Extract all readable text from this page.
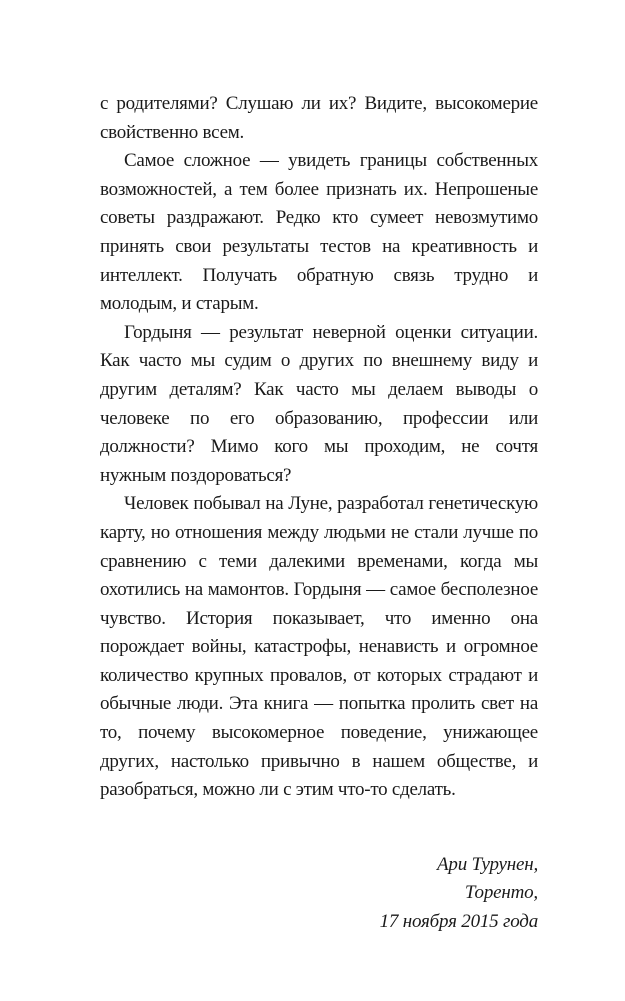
с родителями? Слушаю ли их? Видите, высокомерие свойственно всем.

Самое сложное — увидеть границы собственных возможностей, а тем более признать их. Непрошеные советы раздражают. Редко кто сумеет невозмутимо принять свои результаты тестов на креативность и интеллект. Получать обратную связь трудно и молодым, и старым.

Гордыня — результат неверной оценки ситуации. Как часто мы судим о других по внешнему виду и другим деталям? Как часто мы делаем выводы о человеке по его образованию, профессии или должности? Мимо кого мы проходим, не сочтя нужным поздороваться?

Человек побывал на Луне, разработал генетическую карту, но отношения между людьми не стали лучше по сравнению с теми далекими временами, когда мы охотились на мамонтов. Гордыня — самое бесполезное чувство. История показывает, что именно она порождает войны, катастрофы, ненависть и огромное количество крупных провалов, от которых страдают и обычные люди. Эта книга — попытка пролить свет на то, почему высокомерное поведение, унижающее других, настолько привычно в нашем обществе, и разобраться, можно ли с этим что-то сделать.

Ари Турунен,
Торенто,
17 ноября 2015 года
